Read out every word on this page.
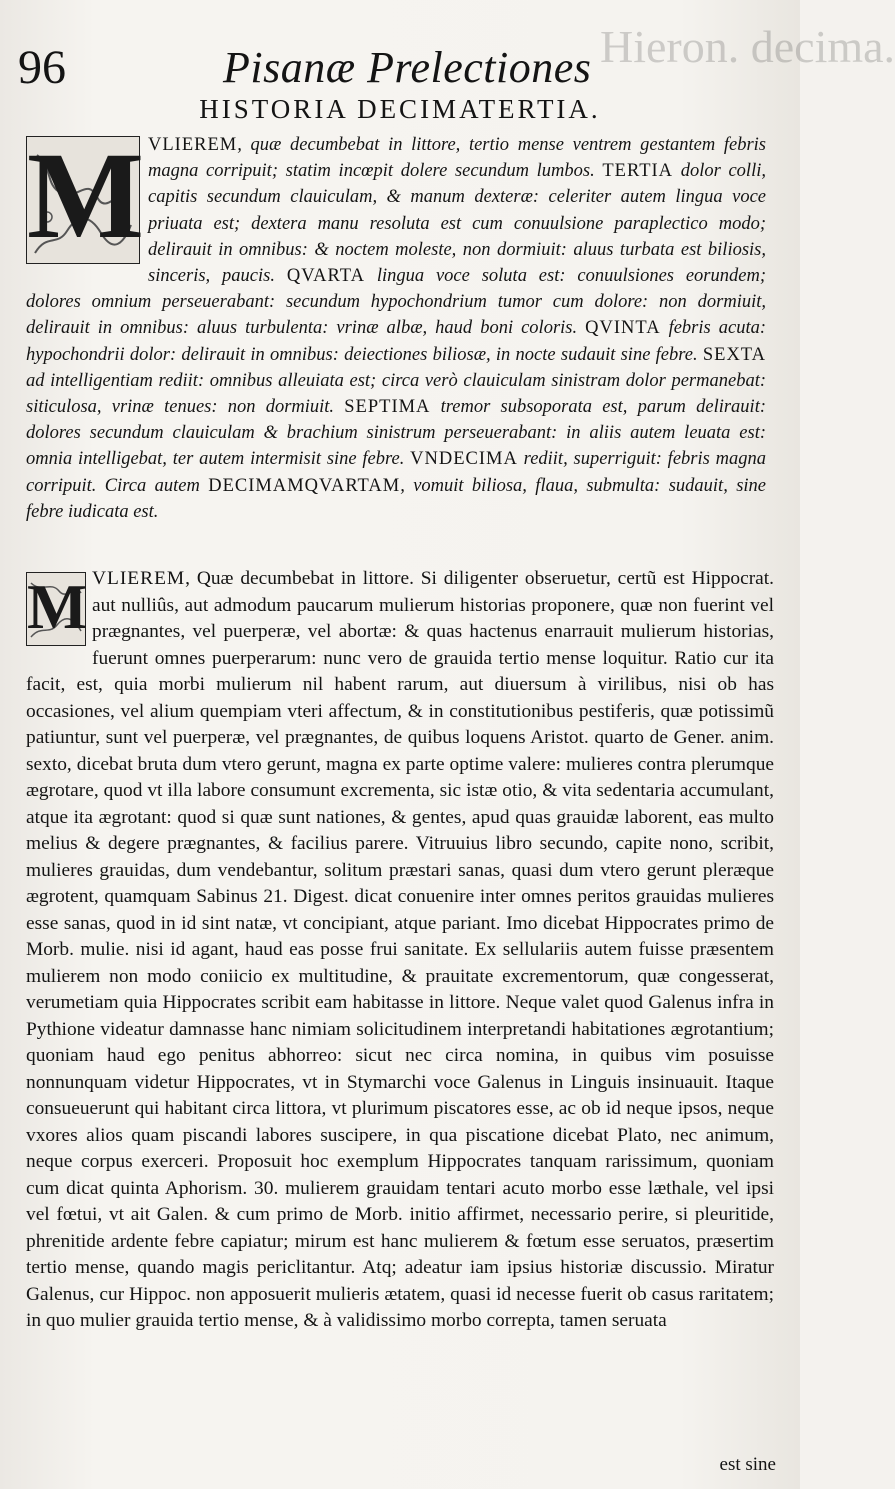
Hieron. decima.
96	Pisanæ Prelectiones
HISTORIA DECIMATERTIA.
M VLIEREM, quæ decumbebat in littore, tertio mense ventrem gestantem febris magna corripuit; statim incœpit dolere secundum lumbos. TERTIA dolor colli, capitis secundum clauiculam, & manum dexteræ: celeriter autem lingua voce priuata est; dextera manu resoluta est cum conuulsione paraplectico modo; delirauit in omnibus: & noctem moleste, non dormiuit: aluus turbata est biliosis, sinceris, paucis. QVARTA lingua voce soluta est: conuulsiones eorundem; dolores omnium perseuerabant: secundum hypochondrium tumor cum dolore: non dormiuit, delirauit in omnibus: aluus turbulenta: vrinæ albæ, haud boni coloris. QVINTA febris acuta: hypochondrii dolor: delirauit in omnibus: deiectiones biliosæ, in nocte sudauit sine febre. SEXTA ad intelligentiam rediit: omnibus alleuiata est; circa verò clauiculam sinistram dolor permanebat: siticulosa, vrinæ tenues: non dormiuit. SEPTIMA tremor subsoporata est, parum delirauit: dolores secundum clauiculam & brachium sinistrum perseuerabant: in aliis autem leuata est: omnia intelligebat, ter autem intermisit sine febre. VNDECIMA rediit, superriguit: febris magna corripuit. Circa autem DECIMAMQVARTAM, vomuit biliosa, flaua, submulta: sudauit, sine febre iudicata est.

M VLIEREM, Quæ decumbebat in littore. Si diligenter obseruetur, certũ est Hippocrat. aut nulliûs, aut admodum paucarum mulierum historias proponere, quæ non fuerint vel prægnantes, vel puerperæ, vel abortæ: & quas hactenus enarrauit mulierum historias, fuerunt omnes puerperarum: nunc vero de grauida tertio mense loquitur. Ratio cur ita facit, est, quia morbi mulierum nil habent rarum, aut diuersum à virilibus, nisi ob has occasiones, vel alium quempiam vteri affectum, & in constitutionibus pestiferis, quæ potissimũ patiuntur, sunt vel puerperæ, vel prægnantes, de quibus loquens Aristot. quarto de Gener. anim. sexto, dicebat bruta dum vtero gerunt, magna ex parte optime valere: mulieres contra plerumque ægrotare, quod vt illa labore consumunt excrementa, sic istæ otio, & vita sedentaria accumulant, atque ita ægrotant: quod si quæ sunt nationes, & gentes, apud quas grauidæ laborent, eas multo melius & degere prægnantes, & facilius parere. Vitruuius libro secundo, capite nono, scribit, mulieres grauidas, dum vendebantur, solitum præstari sanas, quasi dum vtero gerunt pleræque ægrotent, quamquam Sabinus 21. Digest. dicat conuenire inter omnes peritos grauidas mulieres esse sanas, quod in id sint natæ, vt concipiant, atque pariant. Imo dicebat Hippocrates primo de Morb. mulie. nisi id agant, haud eas posse frui sanitate. Ex sellulariis autem fuisse præsentem mulierem non modo coniicio ex multitudine, & prauitate excrementorum, quæ congesserat, verumetiam quia Hippocrates scribit eam habitasse in littore. Neque valet quod Galenus infra in Pythione videatur damnasse hanc nimiam solicitudinem interpretandi habitationes ægrotantium; quoniam haud ego penitus abhorreo: sicut nec circa nomina, in quibus vim posuisse nonnunquam videtur Hippocrates, vt in Stymarchi voce Galenus in Linguis insinuauit. Itaque consueuerunt qui habitant circa littora, vt plurimum piscatores esse, ac ob id neque ipsos, neque vxores alios quam piscandi labores suscipere, in qua piscatione dicebat Plato, nec animum, neque corpus exerceri. Proposuit hoc exemplum Hippocrates tanquam rarissimum, quoniam cum dicat quinta Aphorism. 30. mulierem grauidam tentari acuto morbo esse læthale, vel ipsi vel fœtui, vt ait Galen. & cum primo de Morb. initio affirmet, necessario perire, si pleuritide, phrenitide ardente febre capiatur; mirum est hanc mulierem & fœtum esse seruatos, præsertim tertio mense, quando magis periclitantur. Atq; adeatur iam ipsius historiæ discussio. Miratur Galenus, cur Hippoc. non apposuerit mulieris ætatem, quasi id necesse fuerit ob casus raritatem; in quo mulier grauida tertio mense, & à validissimo morbo correpta, tamen seruata

est sine
